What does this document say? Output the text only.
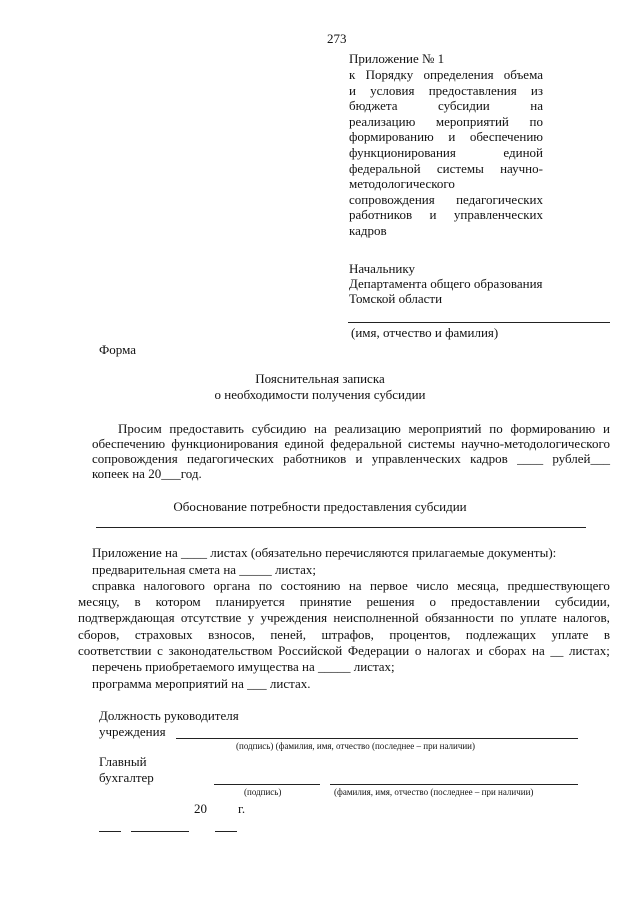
273
Приложение № 1
к Порядку определения объема
и условия предоставления из
бюджета	субсидии	на
реализацию мероприятий по
формированию и обеспечению
функционирования	единой
федеральной системы научно-
методологического
сопровождения педагогических
работников и управленческих
кадров
Начальнику
Департамента общего образования
Томской области
(имя, отчество и фамилия)
Форма
Пояснительная записка
о необходимости получения субсидии
Просим предоставить субсидию на реализацию мероприятий по формированию и
обеспечению функционирования единой федеральной системы научно-методологического
сопровождения педагогических работников и управленческих кадров ____ рублей___
копеек на 20___год.
Обоснование потребности предоставления субсидии
Приложение на ____ листах (обязательно перечисляются прилагаемые документы):
предварительная смета на _____ листах;
справка налогового органа по состоянию на первое число месяца, предшествующего
месяцу, в котором планируется принятие решения о предоставлении субсидии,
подтверждающая отсутствие у учреждения неисполненной обязанности по уплате налогов,
сборов, страховых взносов, пеней, штрафов, процентов, подлежащих уплате в
соответствии с законодательством Российской Федерации о налогах и сборах на __ листах;
перечень приобретаемого имущества на _____ листах;
программа мероприятий на ___ листах.
Должность руководителя
учреждения
(подпись) (фамилия, имя, отчество (последнее – при наличии)
Главный
бухгалтер
(подпись)	(фамилия, имя, отчество (последнее – при наличии)
20 г.
